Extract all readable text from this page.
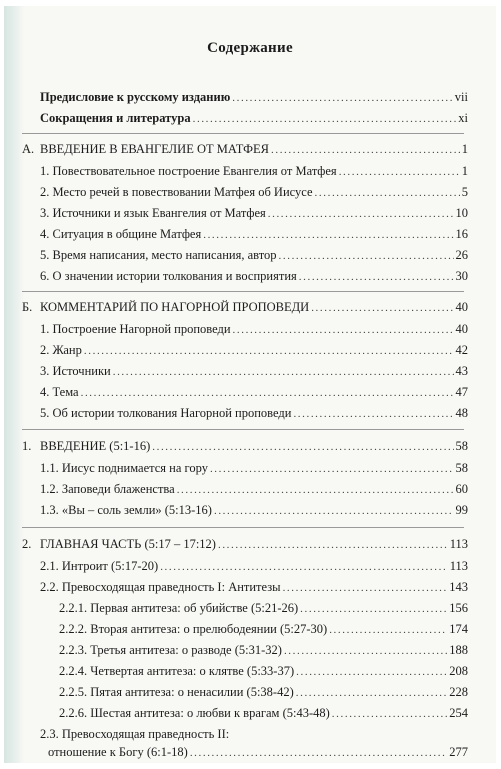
Содержание
Предисловие к русскому изданию .....	vii
Сокращения и литература .....	xi
А. ВВЕДЕНИЕ В ЕВАНГЕЛИЕ ОТ МАТФЕЯ .....	1
1. Повествовательное построение Евангелия от Матфея .....	1
2. Место речей в повествовании Матфея об Иисусе .....	5
3. Источники и язык Евангелия от Матфея .....	10
4. Ситуация в общине Матфея .....	16
5. Время написания, место написания, автор .....	26
6. О значении истории толкования и восприятия .....	30
Б. КОММЕНТАРИЙ ПО НАГОРНОЙ ПРОПОВЕДИ .....	40
1. Построение Нагорной проповеди .....	40
2. Жанр .....	42
3. Источники .....	43
4. Тема .....	47
5. Об истории толкования Нагорной проповеди .....	48
1. ВВЕДЕНИЕ (5:1-16) .....	58
1.1. Иисус поднимается на гору .....	58
1.2. Заповеди блаженства .....	60
1.3. «Вы – соль земли» (5:13-16) .....	99
2. ГЛАВНАЯ ЧАСТЬ (5:17 – 17:12) .....	113
2.1. Интроит (5:17-20) .....	113
2.2. Превосходящая праведность I: Антитезы .....	143
2.2.1. Первая антитеза: об убийстве (5:21-26) .....	156
2.2.2. Вторая антитеза: о прелюбодеянии (5:27-30) .....	174
2.2.3. Третья антитеза: о разводе (5:31-32) .....	188
2.2.4. Четвертая антитеза: о клятве (5:33-37) .....	208
2.2.5. Пятая антитеза: о ненасилии (5:38-42) .....	228
2.2.6. Шестая антитеза: о любви к врагам (5:43-48) .....	254
2.3. Превосходящая праведность II:
отношение к Богу (6:1-18) .....	277
